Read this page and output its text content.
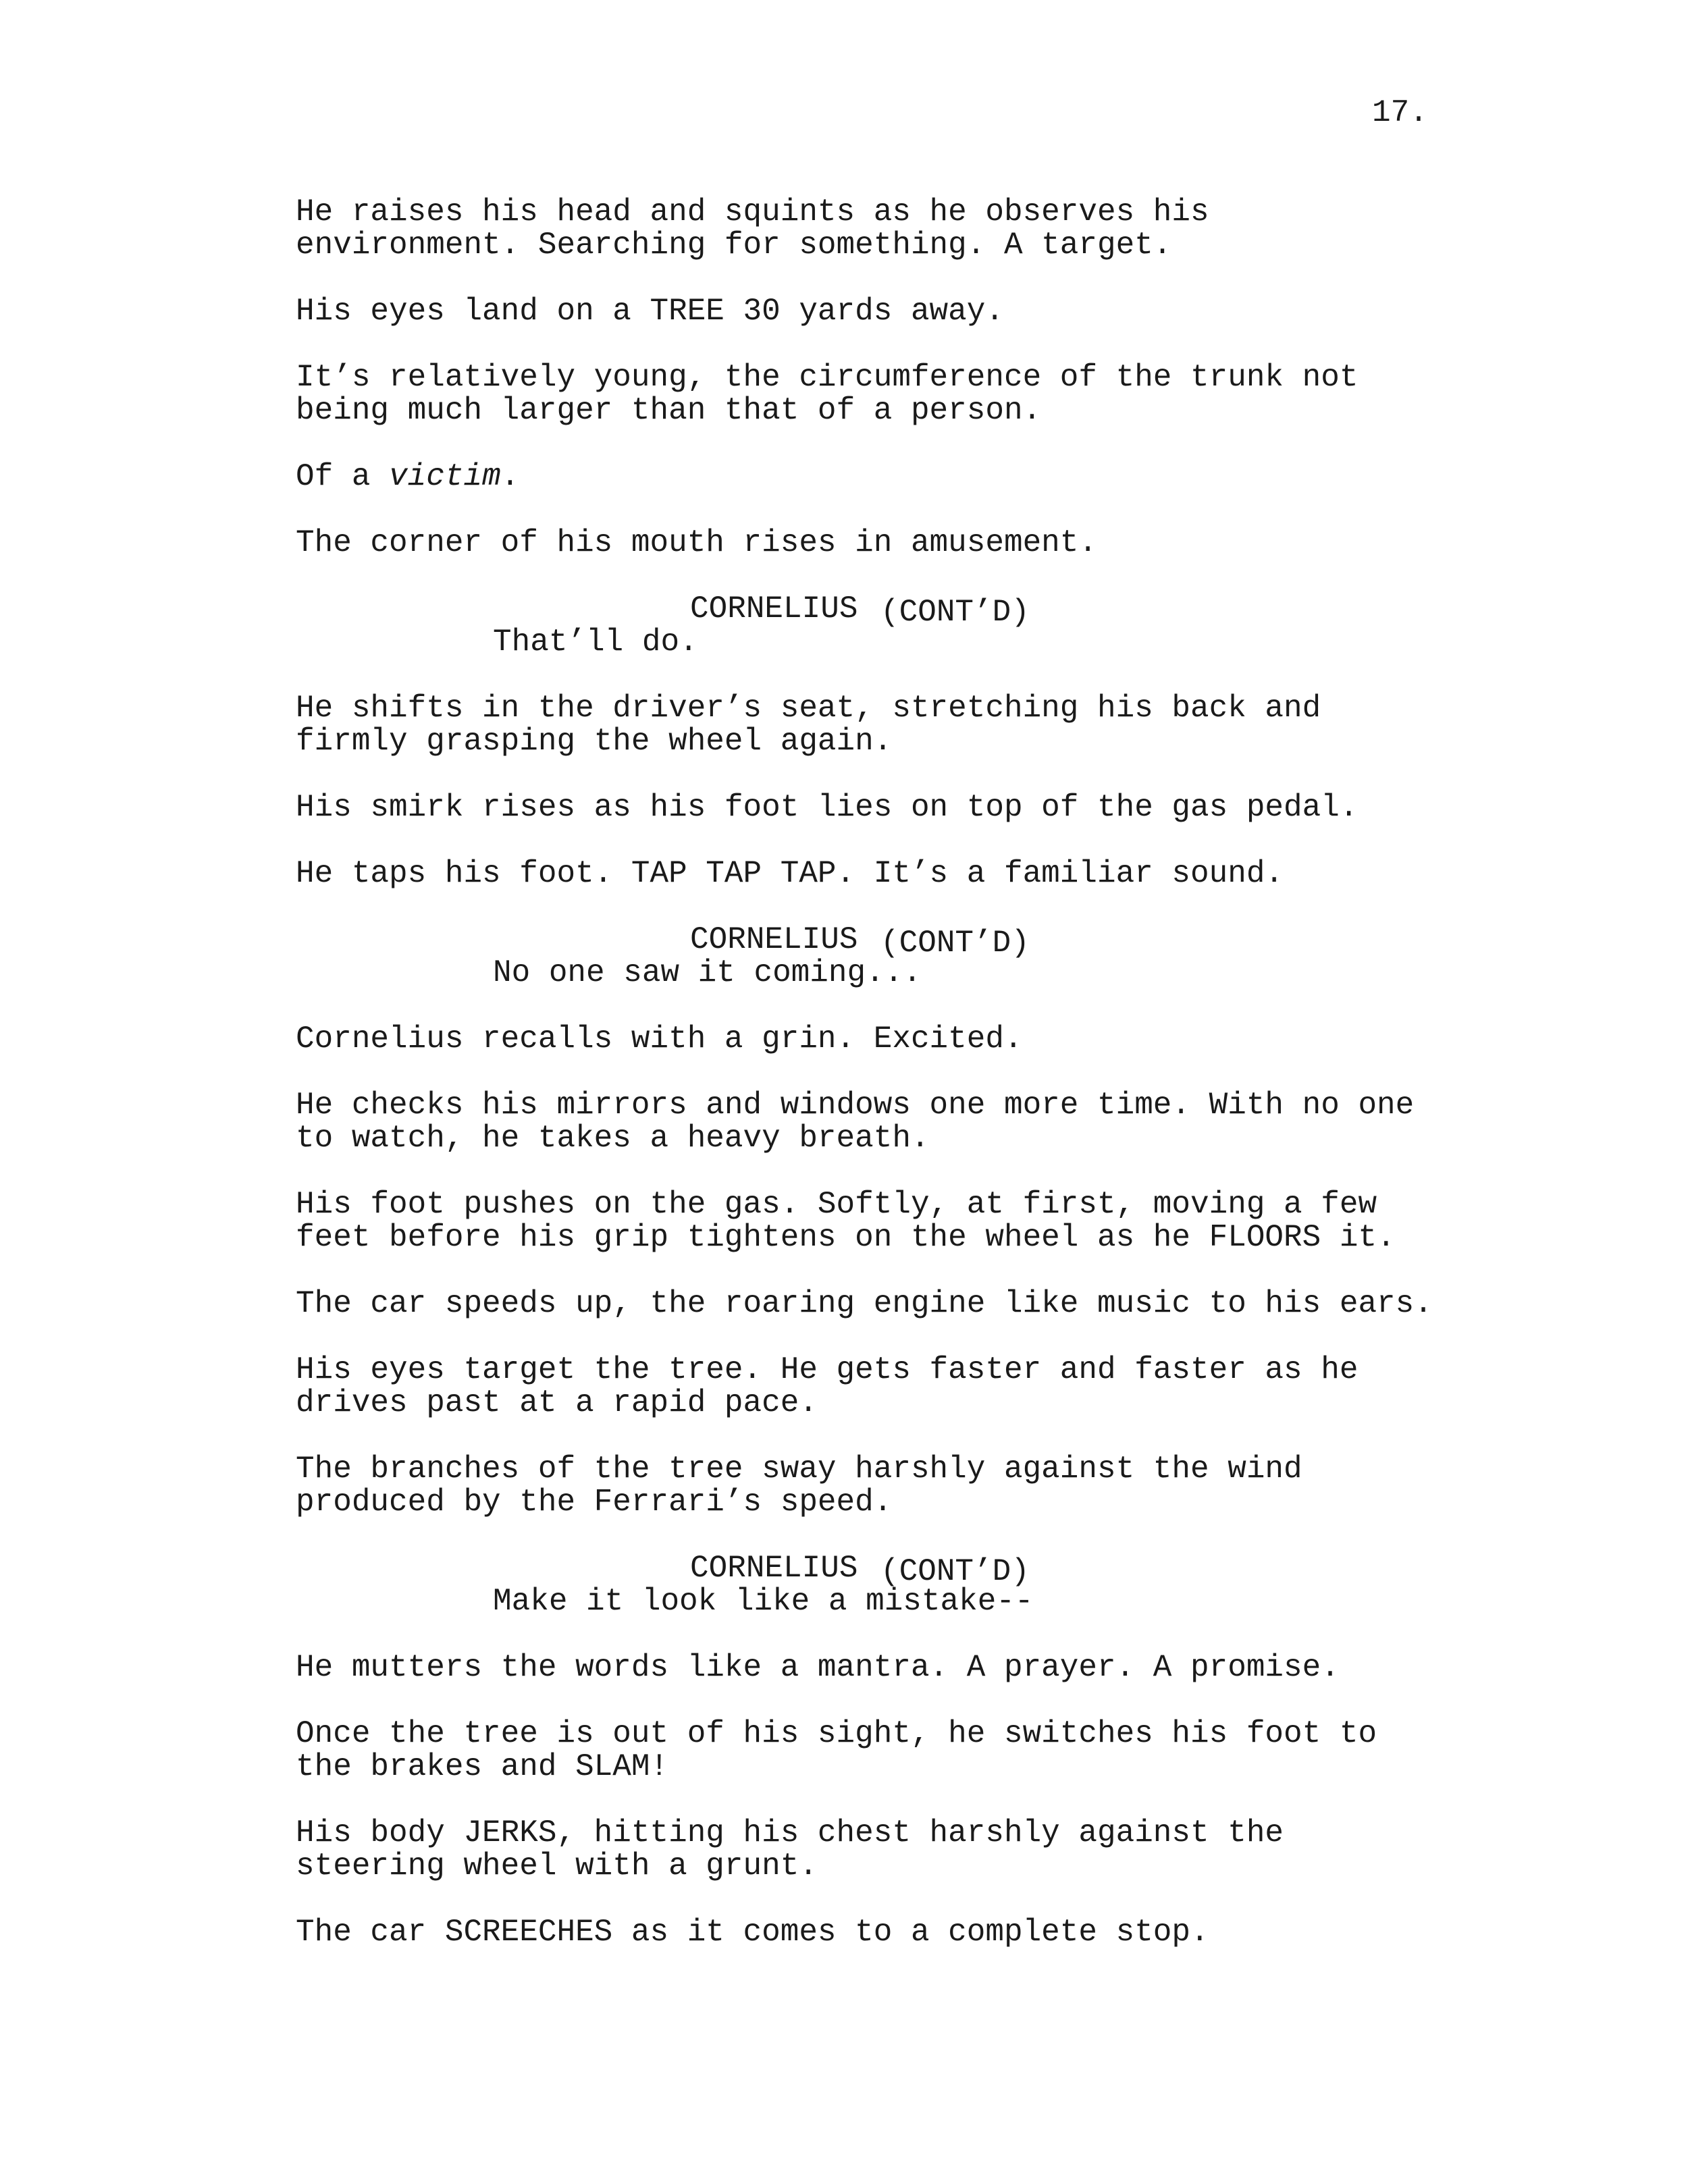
17.

He raises his head and squints as he observes his
environment. Searching for something. A target.

His eyes land on a TREE 30 yards away.

It’s relatively young, the circumference of the trunk not
being much larger than that of a person.

Of a victim.

The corner of his mouth rises in amusement.

CORNELIUS (CONT’D)
That’ll do.

He shifts in the driver’s seat, stretching his back and
firmly grasping the wheel again.

His smirk rises as his foot lies on top of the gas pedal.

He taps his foot. TAP TAP TAP. It’s a familiar sound.

CORNELIUS (CONT’D)
No one saw it coming...

Cornelius recalls with a grin. Excited.

He checks his mirrors and windows one more time. With no one
to watch, he takes a heavy breath.

His foot pushes on the gas. Softly, at first, moving a few
feet before his grip tightens on the wheel as he FLOORS it.

The car speeds up, the roaring engine like music to his ears.

His eyes target the tree. He gets faster and faster as he
drives past at a rapid pace.

The branches of the tree sway harshly against the wind
produced by the Ferrari’s speed.

CORNELIUS (CONT’D)
Make it look like a mistake--

He mutters the words like a mantra. A prayer. A promise.

Once the tree is out of his sight, he switches his foot to
the brakes and SLAM!

His body JERKS, hitting his chest harshly against the
steering wheel with a grunt.

The car SCREECHES as it comes to a complete stop.
